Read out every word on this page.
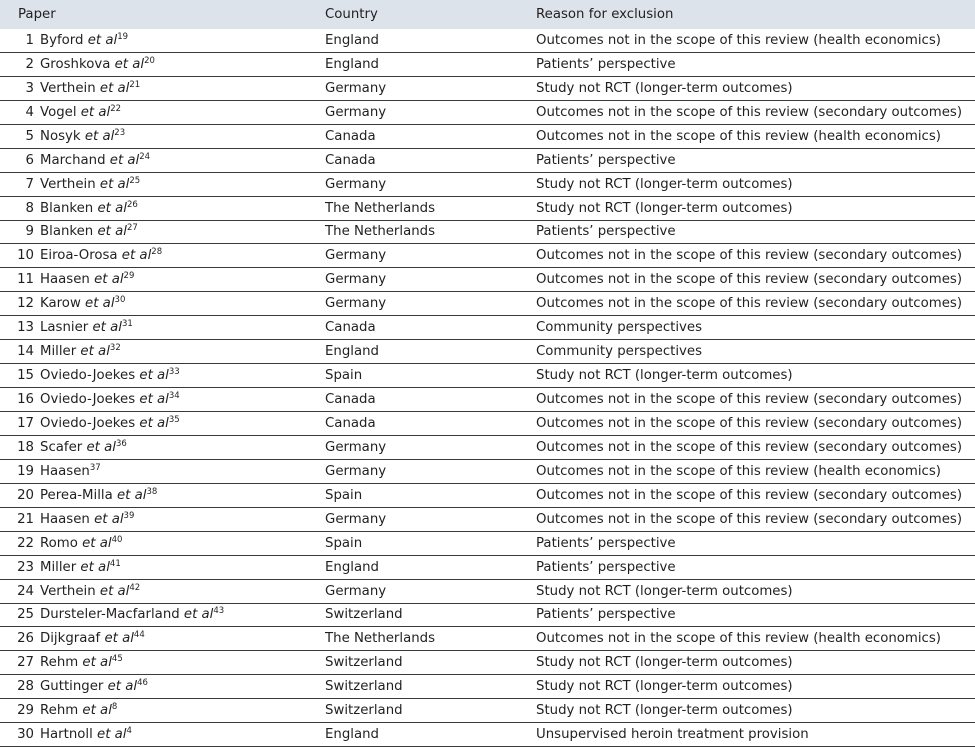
Paper		Country	Reason for exclusion
1	Byford et $al^{19}$	England	Outcomes not in the scope of this review (health economics)
2	Groshkova et $al^{20}$	England	Patients’ perspective
3	Verthein et $al^{21}$	Germany	Study not RCT (longer-term outcomes)
4	Vogel et $al^{22}$	Germany	Outcomes not in the scope of this review (secondary outcomes)
5	Nosyk et $al^{23}$	Canada	Outcomes not in the scope of this review (health economics)
6	Marchand et $al^{24}$	Canada	Patients’ perspective
7	Verthein et $al^{25}$	Germany	Study not RCT (longer-term outcomes)
8	Blanken et $al^{26}$	The Netherlands	Study not RCT (longer-term outcomes)
9	Blanken et $al^{27}$	The Netherlands	Patients’ perspective
10	Eiroa-Orosa et $al^{28}$	Germany	Outcomes not in the scope of this review (secondary outcomes)
11	Haasen et $al^{29}$	Germany	Outcomes not in the scope of this review (secondary outcomes)
12	Karow et $al^{30}$	Germany	Outcomes not in the scope of this review (secondary outcomes)
13	Lasnier et $al^{31}$	Canada	Community perspectives
14	Miller et $al^{32}$	England	Community perspectives
15	Oviedo-Joekes et $al^{33}$	Spain	Study not RCT (longer-term outcomes)
16	Oviedo-Joekes et $al^{34}$	Canada	Outcomes not in the scope of this review (secondary outcomes)
17	Oviedo-Joekes et $al^{35}$	Canada	Outcomes not in the scope of this review (secondary outcomes)
18	Scafer et $al^{36}$	Germany	Outcomes not in the scope of this review (secondary outcomes)
19	Haasen$^{37}$	Germany	Outcomes not in the scope of this review (health economics)
20	Perea-Milla et $al^{38}$	Spain	Outcomes not in the scope of this review (secondary outcomes)
21	Haasen et $al^{39}$	Germany	Outcomes not in the scope of this review (secondary outcomes)
22	Romo et $al^{40}$	Spain	Patients’ perspective
23	Miller et $al^{41}$	England	Patients’ perspective
24	Verthein et $al^{42}$	Germany	Study not RCT (longer-term outcomes)
25	Dursteler-Macfarland et $al^{43}$	Switzerland	Patients’ perspective
26	Dijkgraaf et $al^{44}$	The Netherlands	Outcomes not in the scope of this review (health economics)
27	Rehm et $al^{45}$	Switzerland	Study not RCT (longer-term outcomes)
28	Guttinger et $al^{46}$	Switzerland	Study not RCT (longer-term outcomes)
29	Rehm et $al^8$	Switzerland	Study not RCT (longer-term outcomes)
30	Hartnoll et $al^4$	England	Unsupervised heroin treatment provision
